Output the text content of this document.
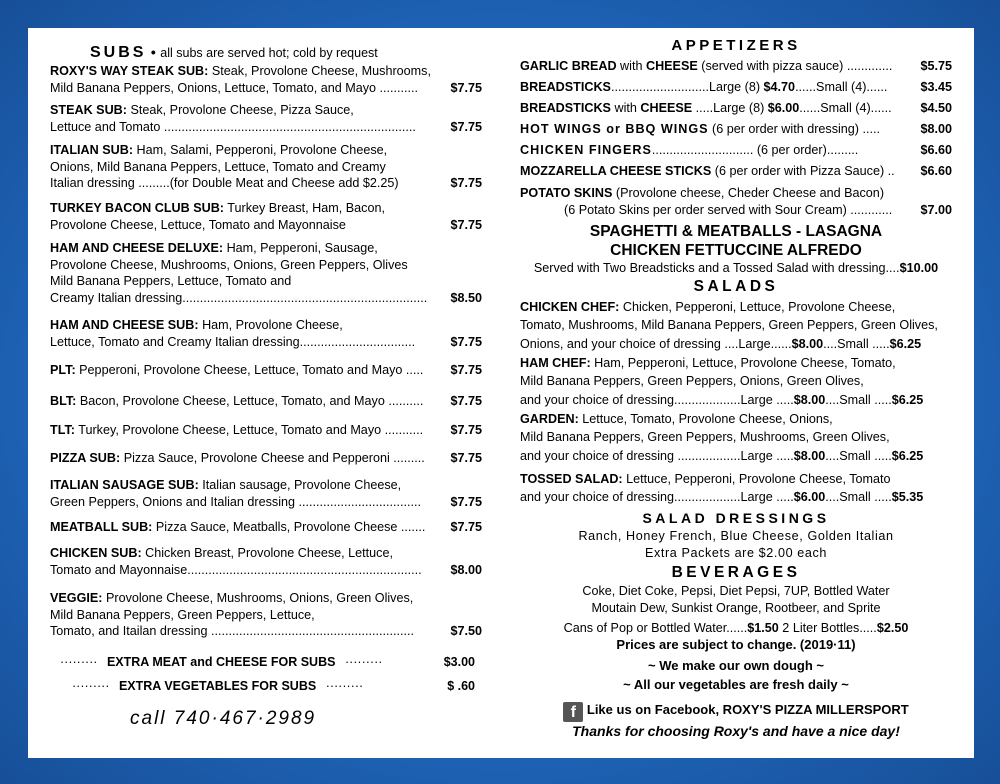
SUBS • all subs are served hot; cold by request
ROXY'S WAY STEAK SUB: Steak, Provolone Cheese, Mushrooms,
Mild Banana Peppers, Onions, Lettuce, Tomato, and Mayo ...........	$7.75
STEAK SUB: Steak, Provolone Cheese, Pizza Sauce,
Lettuce and Tomato ........................................................................	$7.75
ITALIAN SUB: Ham, Salami, Pepperoni, Provolone Cheese,
Onions, Mild Banana Peppers, Lettuce, Tomato and Creamy
Italian dressing .........(for Double Meat and Cheese add $2.25)	$7.75
TURKEY BACON CLUB SUB: Turkey Breast, Ham, Bacon,
Provolone Cheese, Lettuce, Tomato and Mayonnaise	$7.75
HAM AND CHEESE DELUXE: Ham, Pepperoni, Sausage,
Provolone Cheese, Mushrooms, Onions, Green Peppers, Olives
Mild Banana Peppers, Lettuce, Tomato and
Creamy Italian dressing......................................................................	$8.50
HAM AND CHEESE SUB: Ham, Provolone Cheese,
Lettuce, Tomato and Creamy Italian dressing.................................	$7.75
PLT: Pepperoni, Provolone Cheese, Lettuce, Tomato and Mayo .....	$7.75
BLT: Bacon, Provolone Cheese, Lettuce, Tomato, and Mayo ..........	$7.75
TLT: Turkey, Provolone Cheese, Lettuce, Tomato and Mayo ...........	$7.75
PIZZA SUB: Pizza Sauce, Provolone Cheese and Pepperoni .........	$7.75
ITALIAN SAUSAGE SUB: Italian sausage, Provolone Cheese,
Green Peppers, Onions and Italian dressing ...................................	$7.75
MEATBALL SUB: Pizza Sauce, Meatballs, Provolone Cheese .......	$7.75
CHICKEN SUB: Chicken Breast, Provolone Cheese, Lettuce,
Tomato and Mayonnaise...................................................................	$8.00
VEGGIE: Provolone Cheese, Mushrooms, Onions, Green Olives,
Mild Banana Peppers, Green Peppers, Lettuce,
Tomato, and Itailan dressing ..........................................................	$7.50
········· EXTRA MEAT and CHEESE FOR SUBS ·········	$3.00
········· EXTRA VEGETABLES FOR SUBS ·········	$ .60
call 740·467·2989
APPETIZERS
GARLIC BREAD with CHEESE (served with pizza sauce) .............	$5.75
BREADSTICKS............................Large (8) $4.70......Small (4)......	$3.45
BREADSTICKS with CHEESE .....Large (8) $6.00......Small (4)......	$4.50
HOT WINGS or BBQ WINGS (6 per order with dressing) .....	$8.00
CHICKEN FINGERS............................. (6 per order).........	$6.60
MOZZARELLA CHEESE STICKS (6 per order with Pizza Sauce) ..	$6.60
POTATO SKINS (Provolone cheese, Cheder Cheese and Bacon)
(6 Potato Skins per order served with Sour Cream) ............	$7.00
SPAGHETTI & MEATBALLS - LASAGNA
CHICKEN FETTUCCINE ALFREDO
Served with Two Breadsticks and a Tossed Salad with dressing....$10.00
SALADS
CHICKEN CHEF: Chicken, Pepperoni, Lettuce, Provolone Cheese,
Tomato, Mushrooms, Mild Banana Peppers, Green Peppers, Green Olives,
Onions, and your choice of dressing ....Large......$8.00....Small .....$6.25
HAM CHEF: Ham, Pepperoni, Lettuce, Provolone Cheese, Tomato,
Mild Banana Peppers, Green Peppers, Onions, Green Olives,
and your choice of dressing...................Large .....$8.00....Small .....$6.25
GARDEN: Lettuce, Tomato, Provolone Cheese, Onions,
Mild Banana Peppers, Green Peppers, Mushrooms, Green Olives,
and your choice of dressing ..................Large .....$8.00....Small .....$6.25
TOSSED SALAD: Lettuce, Pepperoni, Provolone Cheese, Tomato
and your choice of dressing...................Large .....$6.00....Small .....$5.35
SALAD DRESSINGS
Ranch, Honey French, Blue Cheese, Golden Italian
Extra Packets are $2.00 each
BEVERAGES
Coke, Diet Coke, Pepsi, Diet Pepsi, 7UP, Bottled Water
Moutain Dew, Sunkist Orange, Rootbeer, and Sprite
Cans of Pop or Bottled Water......$1.50 2 Liter Bottles.....$2.50
Prices are subject to change. (2019·11)
~ We make our own dough ~
~ All our vegetables are fresh daily ~
f Like us on Facebook, ROXY'S PIZZA MILLERSPORT
Thanks for choosing Roxy's and have a nice day!
